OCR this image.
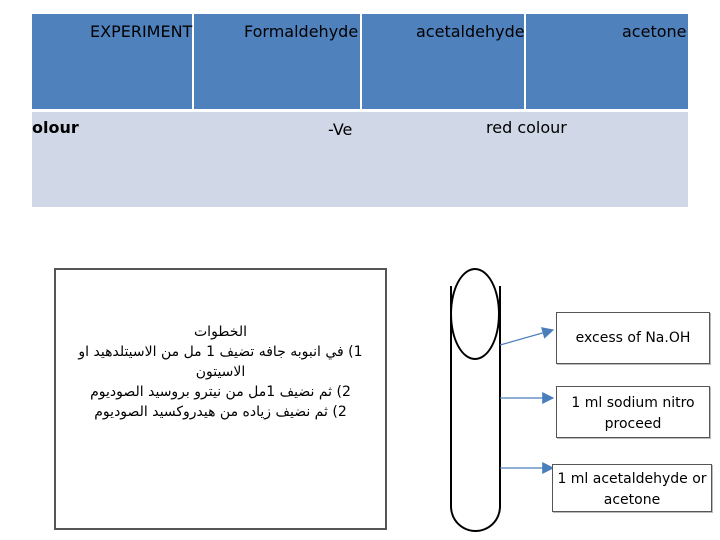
EXPERIMENT	Formaldehyde	acetaldehyde	acetone
olour	-Ve	red colour
الخطوات
1) في انبوبه جافه تضيف 1 مل من الاسيتلدهيد او
الاسيتون
2) ثم نضيف 1مل من نيترو بروسيد الصوديوم
2) ثم نضيف زياده من هيدروكسيد الصوديوم
excess of Na.OH
1 ml sodium nitro
proceed
1 ml acetaldehyde or
acetone
